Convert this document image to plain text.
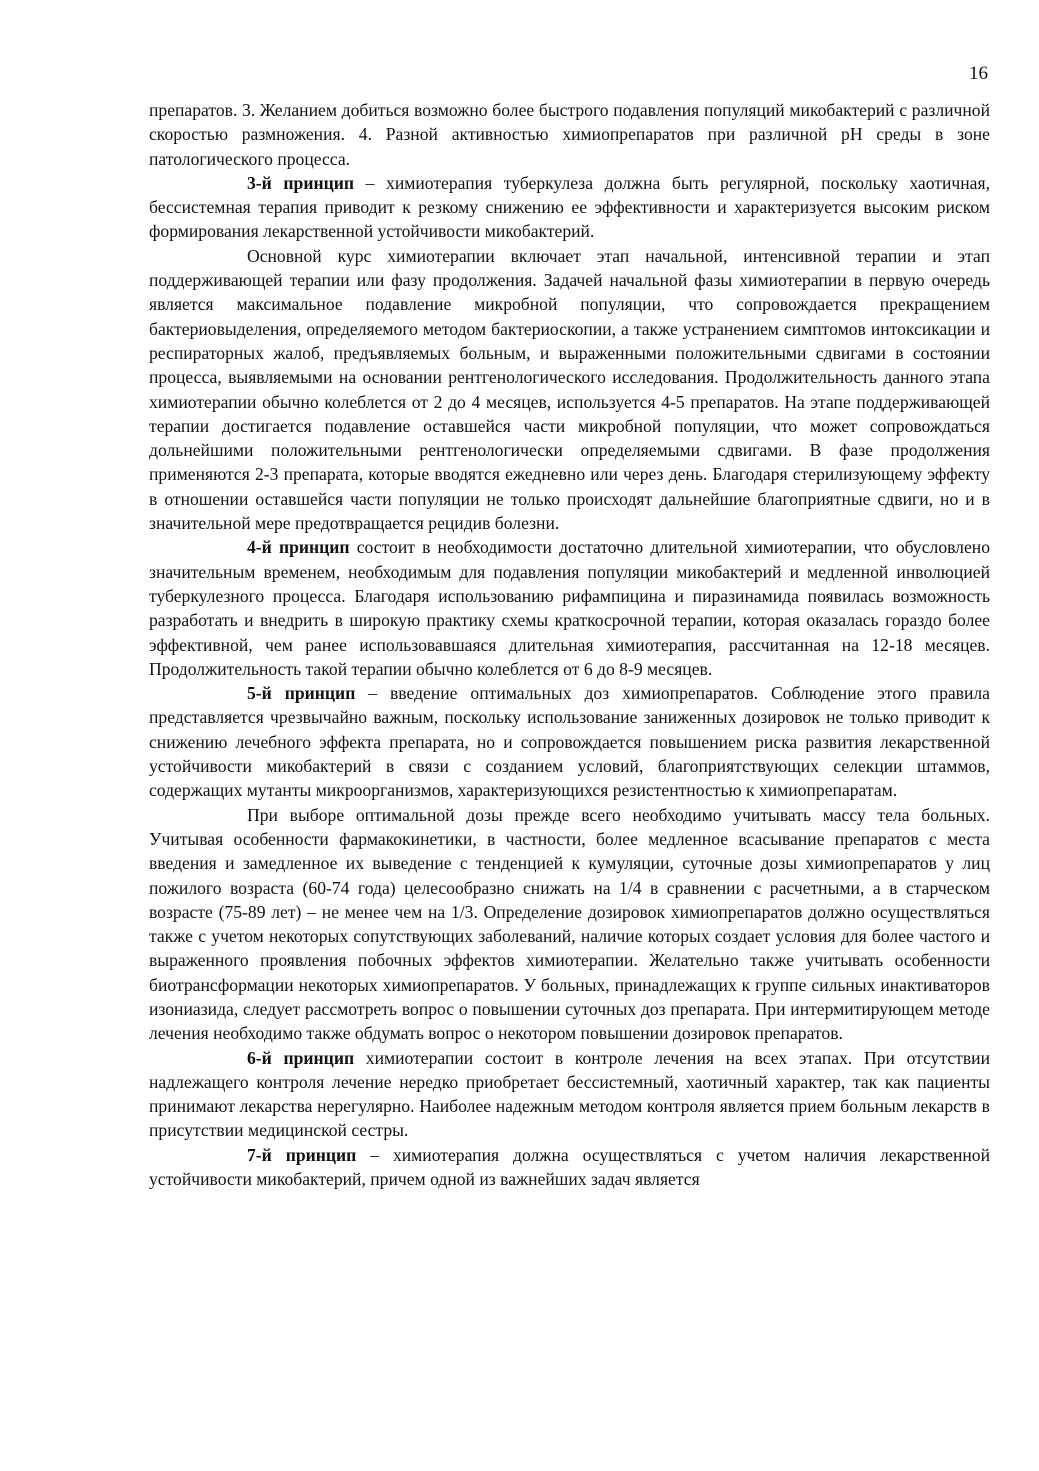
16

препаратов. 3. Желанием добиться возможно более быстрого подавления популяций микобактерий с различной скоростью размножения. 4. Разной активностью химиопрепаратов при различной рН среды в зоне патологического процесса.

3-й принцип – химиотерапия туберкулеза должна быть регулярной, поскольку хаотичная, бессистемная терапия приводит к резкому снижению ее эффективности и характеризуется высоким риском формирования лекарственной устойчивости микобактерий.

Основной курс химиотерапии включает этап начальной, интенсивной терапии и этап поддерживающей терапии или фазу продолжения. Задачей начальной фазы химиотерапии в первую очередь является максимальное подавление микробной популяции, что сопровождается прекращением бактериовыделения, определяемого методом бактериоскопии, а также устранением симптомов интоксикации и респираторных жалоб, предъявляемых больным, и выраженными положительными сдвигами в состоянии процесса, выявляемыми на основании рентгенологического исследования. Продолжительность данного этапа химиотерапии обычно колеблется от 2 до 4 месяцев, используется 4-5 препаратов. На этапе поддерживающей терапии достигается подавление оставшейся части микробной популяции, что может сопровождаться дольнейшими положительными рентгенологически определяемыми сдвигами. В фазе продолжения применяются 2-3 препарата, которые вводятся ежедневно или через день. Благодаря стерилизующему эффекту в отношении оставшейся части популяции не только происходят дальнейшие благоприятные сдвиги, но и в значительной мере предотвращается рецидив болезни.

4-й принцип состоит в необходимости достаточно длительной химиотерапии, что обусловлено значительным временем, необходимым для подавления популяции микобактерий и медленной инволюцией туберкулезного процесса. Благодаря использованию рифампицина и пиразинамида появилась возможность разработать и внедрить в широкую практику схемы краткосрочной терапии, которая оказалась гораздо более эффективной, чем ранее использовавшаяся длительная химиотерапия, рассчитанная на 12-18 месяцев. Продолжительность такой терапии обычно колеблется от 6 до 8-9 месяцев.

5-й принцип – введение оптимальных доз химиопрепаратов. Соблюдение этого правила представляется чрезвычайно важным, поскольку использование заниженных дозировок не только приводит к снижению лечебного эффекта препарата, но и сопровождается повышением риска развития лекарственной устойчивости микобактерий в связи с созданием условий, благоприятствующих селекции штаммов, содержащих мутанты микроорганизмов, характеризующихся резистентностью к химиопрепаратам.

При выборе оптимальной дозы прежде всего необходимо учитывать массу тела больных. Учитывая особенности фармакокинетики, в частности, более медленное всасывание препаратов с места введения и замедленное их выведение с тенденцией к кумуляции, суточные дозы химиопрепаратов у лиц пожилого возраста (60-74 года) целесообразно снижать на 1/4 в сравнении с расчетными, а в старческом возрасте (75-89 лет) – не менее чем на 1/3. Определение дозировок химиопрепаратов должно осуществляться также с учетом некоторых сопутствующих заболеваний, наличие которых создает условия для более частого и выраженного проявления побочных эффектов химиотерапии. Желательно также учитывать особенности биотрансформации некоторых химиопрепаратов. У больных, принадлежащих к группе сильных инактиваторов изониазида, следует рассмотреть вопрос о повышении суточных доз препарата. При интермитирующем методе лечения необходимо также обдумать вопрос о некотором повышении дозировок препаратов.

6-й принцип химиотерапии состоит в контроле лечения на всех этапах. При отсутствии надлежащего контроля лечение нередко приобретает бессистемный, хаотичный характер, так как пациенты принимают лекарства нерегулярно. Наиболее надежным методом контроля является прием больным лекарств в присутствии медицинской сестры.

7-й принцип – химиотерапия должна осуществляться с учетом наличия лекарственной устойчивости микобактерий, причем одной из важнейших задач является
